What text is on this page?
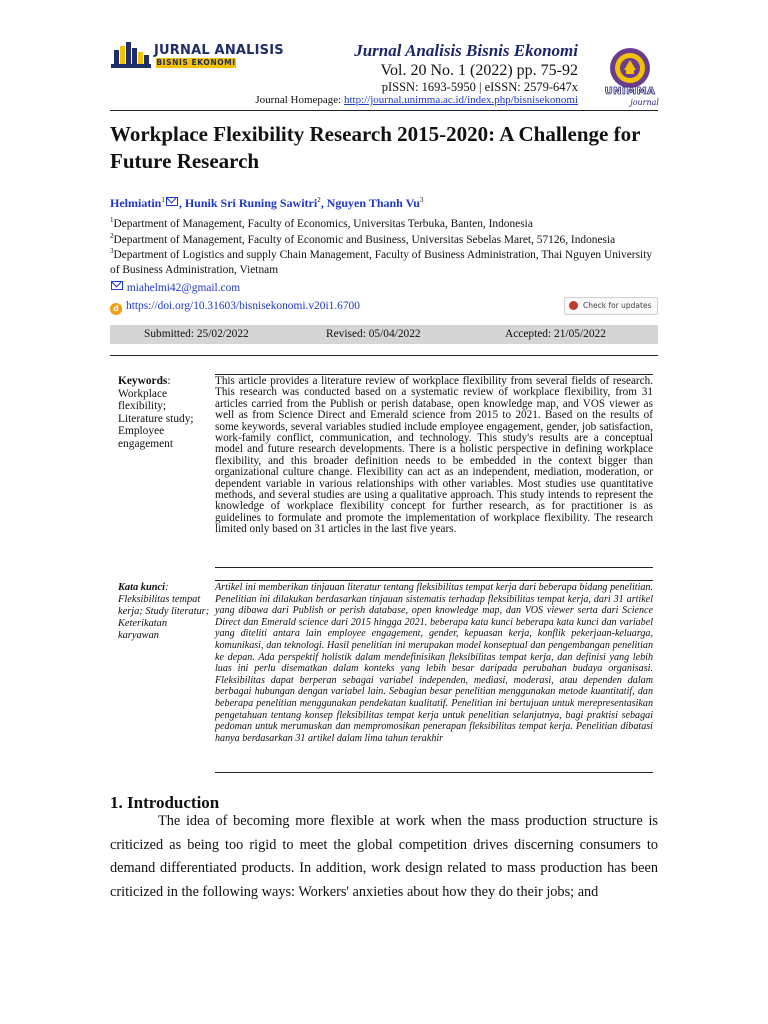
JURNAL ANALISIS
BISNIS EKONOMI
Jurnal Analisis Bisnis Ekonomi
Vol. 20 No. 1 (2022) pp. 75-92
pISSN: 1693-5950 | eISSN: 2579-647x
Journal Homepage: http://journal.unimma.ac.id/index.php/bisnisekonomi
UNIMMA
journal
Workplace Flexibility Research 2015-2020: A Challenge for Future Research
Helmiatin$^1$ , Hunik Sri Runing Sawitri$^2$, Nguyen Thanh Vu$^3$
$^1$Department of Management, Faculty of Economics, Universitas Terbuka, Banten, Indonesia
$^2$Department of Management, Faculty of Economic and Business, Universitas Sebelas Maret, 57126, Indonesia
$^3$Department of Logistics and supply Chain Management, Faculty of Business Administration, Thai Nguyen University of Business Administration, Vietnam
miahelmi42@gmail.com
d https://doi.org/10.31603/bisnisekonomi.v20i1.6700	Check for updates
Submitted: 25/02/2022	Revised: 05/04/2022	Accepted: 21/05/2022
Keywords:
Workplace flexibility; Literature study; Employee engagement
This article provides a literature review of workplace flexibility from several fields of research. This research was conducted based on a systematic review of workplace flexibility, from 31 articles carried from the Publish or perish database, open knowledge map, and VOS viewer as well as from Science Direct and Emerald science from 2015 to 2021. Based on the results of some keywords, several variables studied include employee engagement, gender, job satisfaction, work-family conflict, communication, and technology. This study's results are a conceptual model and future research developments. There is a holistic perspective in defining workplace flexibility, and this broader definition needs to be embedded in the context bigger than organizational culture change. Flexibility can act as an independent, mediation, moderation, or dependent variable in various relationships with other variables. Most studies use quantitative methods, and several studies are using a qualitative approach. This study intends to represent the knowledge of workplace flexibility concept for further research, as for practitioner is as guidelines to formulate and promote the implementation of workplace flexibility. The research limited only based on 31 articles in the last five years.
Kata kunci:
Fleksibilitas tempat kerja; Study literatur; Keterikatan karyawan
Artikel ini memberikan tinjauan literatur tentang fleksibilitas tempat kerja dari beberapa bidang penelitian. Penelitian ini dilakukan berdasarkan tinjauan sistematis terhadap fleksibilitas tempat kerja, dari 31 artikel yang dibawa dari Publish or perish database, open knowledge map, dan VOS viewer serta dari Science Direct dan Emerald science dari 2015 hingga 2021. beberapa kata kunci beberapa kata kunci dan variabel yang diteliti antara lain employee engagement, gender, kepuasan kerja, konflik pekerjaan-keluarga, komunikasi, dan teknologi. Hasil penelitian ini merupakan model konseptual dan pengembangan penelitian ke depan. Ada perspektif holistik dalam mendefinisikan fleksibilitas tempat kerja, dan definisi yang lebih luas ini perlu disematkan dalam konteks yang lebih besar daripada perubahan budaya organisasi. Fleksibilitas dapat berperan sebagai variabel independen, mediasi, moderasi, atau dependen dalam berbagai hubungan dengan variabel lain. Sebagian besar penelitian menggunakan metode kuantitatif, dan beberapa penelitian menggunakan pendekatan kualitatif. Penelitian ini bertujuan untuk merepresentasikan pengetahuan tentang konsep fleksibilitas tempat kerja untuk penelitian selanjutnya, bagi praktisi sebagai pedoman untuk merumuskan dan mempromosikan penerapan fleksibilitas tempat kerja. Penelitian dibatasi hanya berdasarkan 31 artikel dalam lima tahun terakhir
1. Introduction
The idea of becoming more flexible at work when the mass production structure is criticized as being too rigid to meet the global competition drives discerning consumers to demand differentiated products. In addition, work design related to mass production has been criticized in the following ways: Workers' anxieties about how they do their jobs; and
